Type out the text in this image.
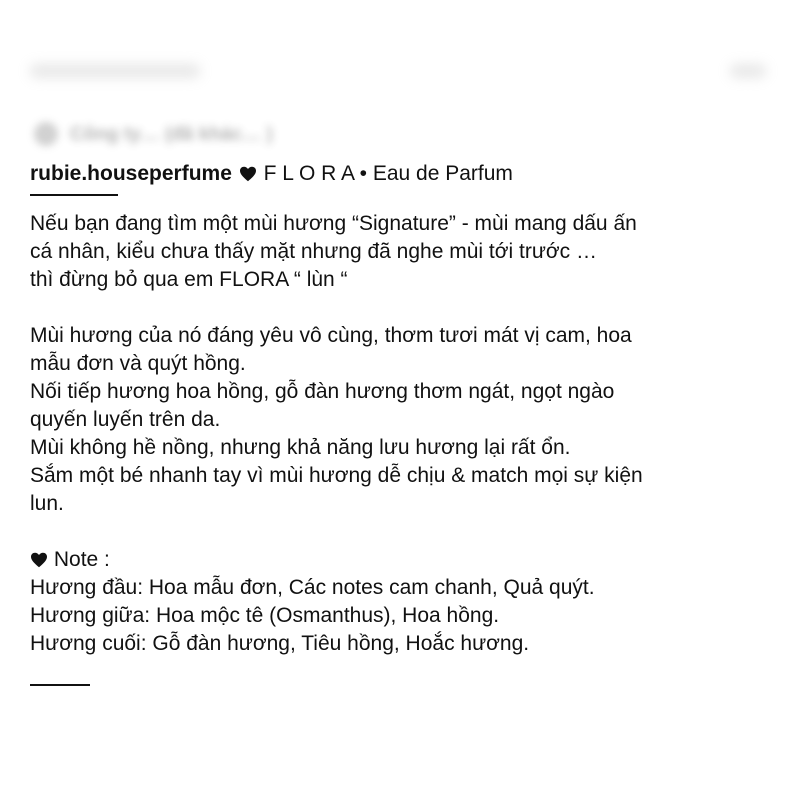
Công ty… (đã khác… )
rubie.houseperfume F L O R A • Eau de Parfum
Nếu bạn đang tìm một mùi hương “Signature” - mùi mang dấu ấn
cá nhân, kiểu chưa thấy mặt nhưng đã nghe mùi tới trước …
thì đừng bỏ qua em FLORA “ lùn “
Mùi hương của nó đáng yêu vô cùng, thơm tươi mát vị cam, hoa
mẫu đơn và quýt hồng.
Nối tiếp hương hoa hồng, gỗ đàn hương thơm ngát, ngọt ngào
quyến luyến trên da.
Mùi không hề nồng, nhưng khả năng lưu hương lại rất ổn.
Sắm một bé nhanh tay vì mùi hương dễ chịu & match mọi sự kiện
lun.
Note :
Hương đầu: Hoa mẫu đơn, Các notes cam chanh, Quả quýt.
Hương giữa: Hoa mộc tê (Osmanthus), Hoa hồng.
Hương cuối: Gỗ đàn hương, Tiêu hồng, Hoắc hương.
